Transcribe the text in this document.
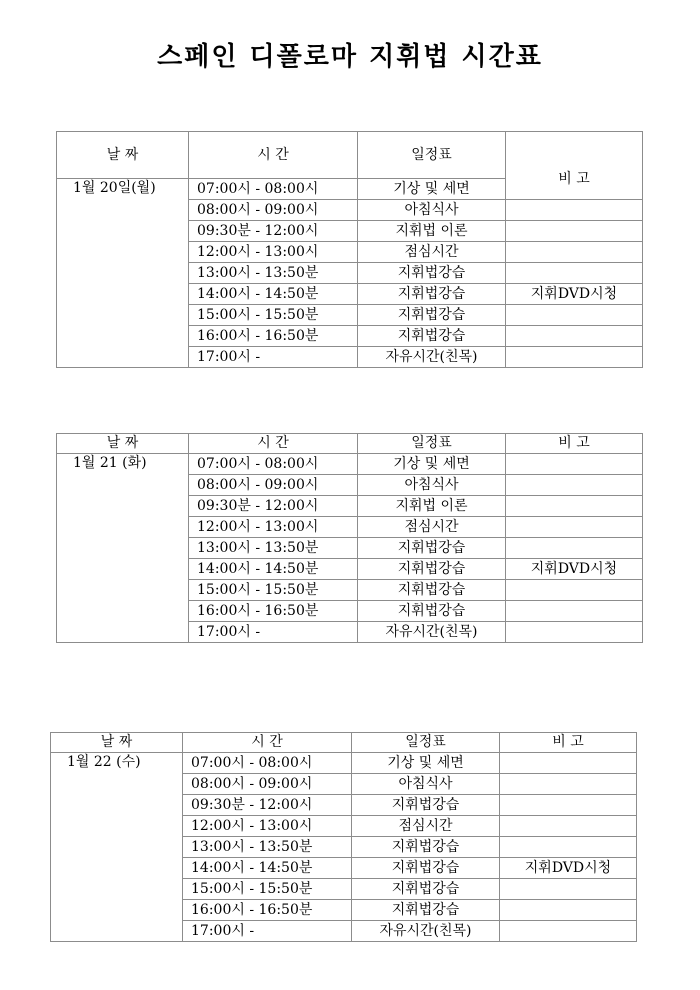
스페인 디폴로마 지휘법 시간표
날 짜	시 간	일정표	비 고
1월 20일(월)	07:00시 - 08:00시	기상 및 세면	
	08:00시 - 09:00시	아침식사	
	09:30분 - 12:00시	지휘법 이론	
	12:00시 - 13:00시	점심시간	
	13:00시 - 13:50분	지휘법강습	
	14:00시 - 14:50분	지휘법강습	지휘DVD시청
	15:00시 - 15:50분	지휘법강습	
	16:00시 - 16:50분	지휘법강습	
	17:00시 -	자유시간(친목)	
날 짜	시 간	일정표	비 고
1월 21 (화)	07:00시 - 08:00시	기상 및 세면	
	08:00시 - 09:00시	아침식사	
	09:30분 - 12:00시	지휘법 이론	
	12:00시 - 13:00시	점심시간	
	13:00시 - 13:50분	지휘법강습	
	14:00시 - 14:50분	지휘법강습	지휘DVD시청
	15:00시 - 15:50분	지휘법강습	
	16:00시 - 16:50분	지휘법강습	
	17:00시 -	자유시간(친목)	
날 짜	시 간	일정표	비 고
1월 22 (수)	07:00시 - 08:00시	기상 및 세면	
	08:00시 - 09:00시	아침식사	
	09:30분 - 12:00시	지휘법강습	
	12:00시 - 13:00시	점심시간	
	13:00시 - 13:50분	지휘법강습	
	14:00시 - 14:50분	지휘법강습	지휘DVD시청
	15:00시 - 15:50분	지휘법강습	
	16:00시 - 16:50분	지휘법강습	
	17:00시 -	자유시간(친목)	
